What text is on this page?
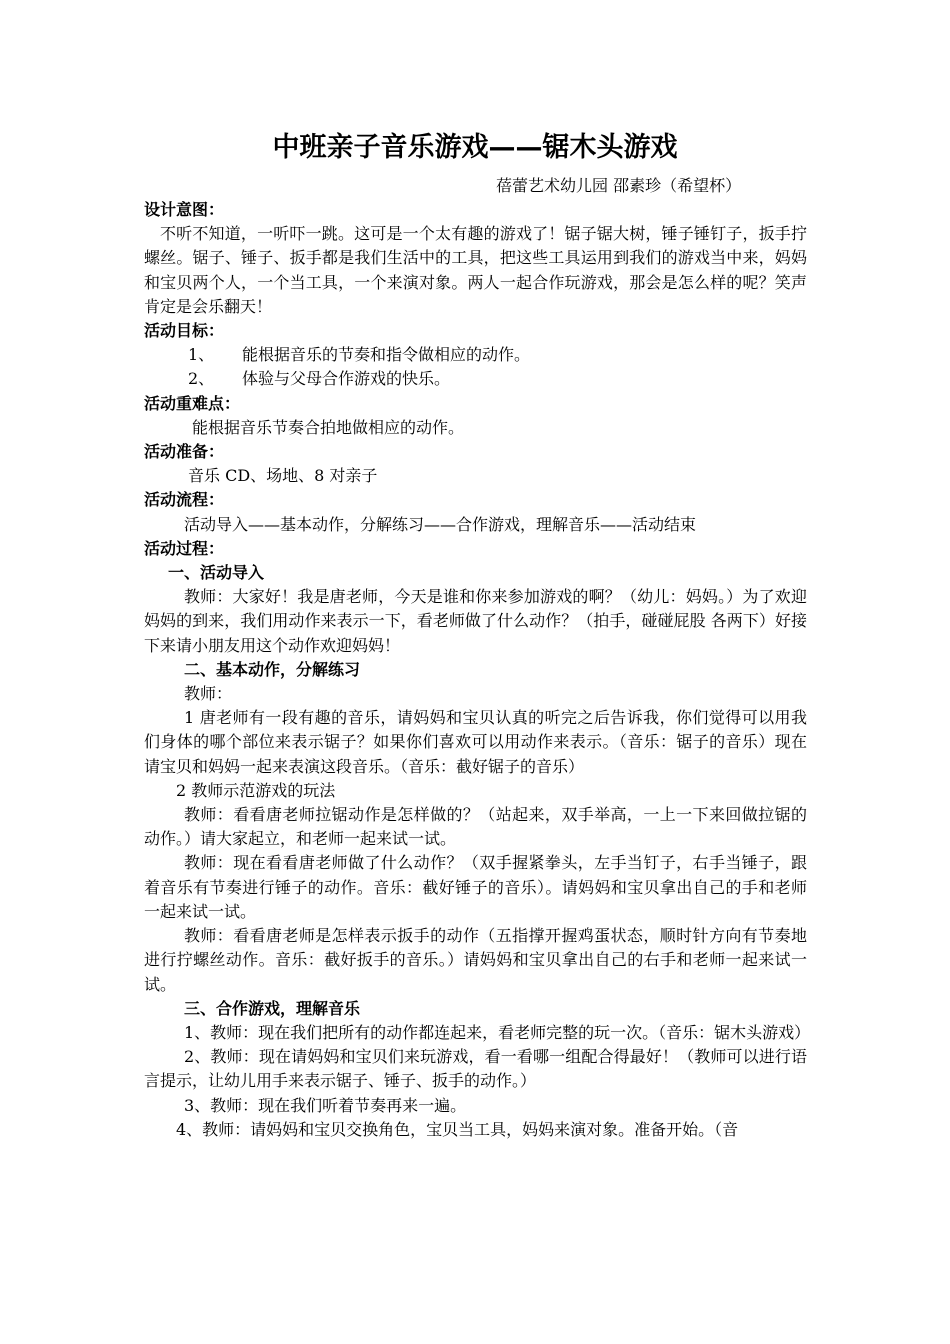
中班亲子音乐游戏——锯木头游戏
蓓蕾艺术幼儿园 邵素珍（希望杯）

设计意图：

不听不知道，一听吓一跳。这可是一个太有趣的游戏了！锯子锯大树，锤子锤钉子，扳手拧螺丝。锯子、锤子、扳手都是我们生活中的工具，把这些工具运用到我们的游戏当中来，妈妈和宝贝两个人，一个当工具，一个来演对象。两人一起合作玩游戏，那会是怎么样的呢？笑声肯定是会乐翻天！

活动目标：

1、 能根据音乐的节奏和指令做相应的动作。

2、 体验与父母合作游戏的快乐。

活动重难点：

能根据音乐节奏合拍地做相应的动作。

活动准备：

音乐 CD、场地、8 对亲子

活动流程：

活动导入——基本动作，分解练习——合作游戏，理解音乐——活动结束

活动过程：

一、活动导入

教师：大家好！我是唐老师，今天是谁和你来参加游戏的啊？（幼儿：妈妈。）为了欢迎妈妈的到来，我们用动作来表示一下，看老师做了什么动作？（拍手，碰碰屁股 各两下）好接下来请小朋友用这个动作欢迎妈妈！

二、基本动作，分解练习

教师：

1 唐老师有一段有趣的音乐，请妈妈和宝贝认真的听完之后告诉我，你们觉得可以用我们身体的哪个部位来表示锯子？如果你们喜欢可以用动作来表示。（音乐：锯子的音乐）现在请宝贝和妈妈一起来表演这段音乐。（音乐：截好锯子的音乐）

2 教师示范游戏的玩法

教师：看看唐老师拉锯动作是怎样做的？（站起来，双手举高，一上一下来回做拉锯的动作。）请大家起立，和老师一起来试一试。

教师：现在看看唐老师做了什么动作？（双手握紧拳头，左手当钉子，右手当锤子，跟着音乐有节奏进行锤子的动作。音乐：截好锤子的音乐）。请妈妈和宝贝拿出自己的手和老师一起来试一试。

教师：看看唐老师是怎样表示扳手的动作（五指撑开握鸡蛋状态，顺时针方向有节奏地进行拧螺丝动作。音乐：截好扳手的音乐。）请妈妈和宝贝拿出自己的右手和老师一起来试一试。

三、合作游戏，理解音乐

1、教师：现在我们把所有的动作都连起来，看老师完整的玩一次。（音乐：锯木头游戏）

2、教师：现在请妈妈和宝贝们来玩游戏，看一看哪一组配合得最好！（教师可以进行语言提示，让幼儿用手来表示锯子、锤子、扳手的动作。）

3、教师：现在我们听着节奏再来一遍。

4、教师：请妈妈和宝贝交换角色，宝贝当工具，妈妈来演对象。准备开始。（音
